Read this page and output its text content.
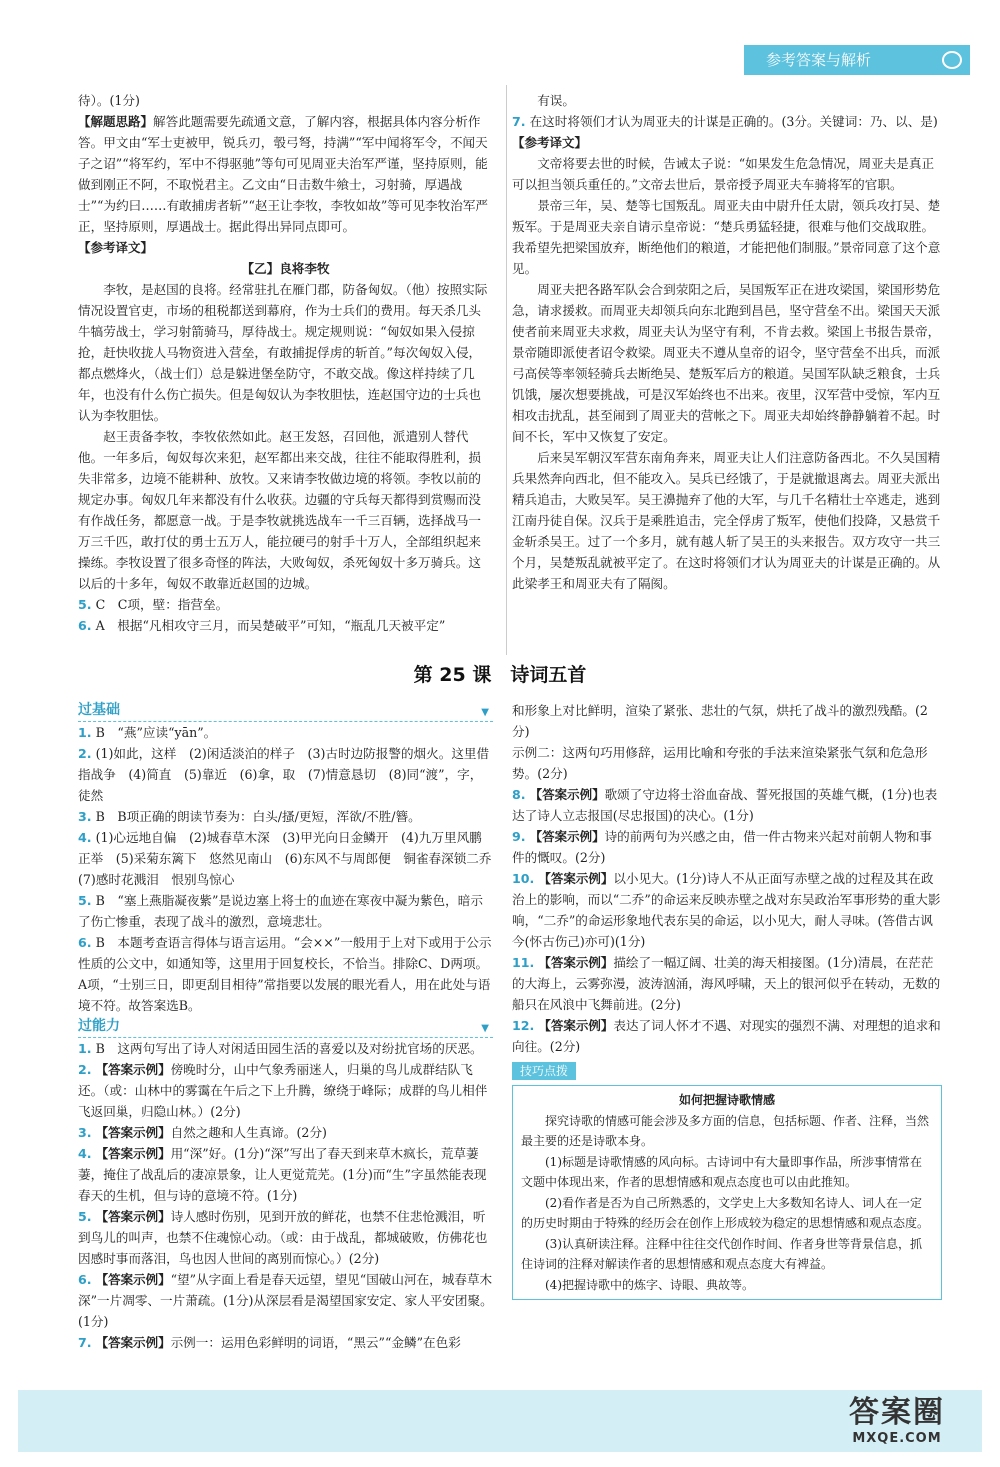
参考答案与解析

待）。(1分)

【解题思路】解答此题需要先疏通文意，了解内容，根据具体内容分析作答。甲文由“军士吏被甲，锐兵刃，彀弓弩，持满”“军中闻将军令，不闻天子之诏”“将军约，军中不得驱驰”等句可见周亚夫治军严谨，坚持原则，能做到刚正不阿，不取悦君主。乙文由“日击数牛飨士，习射骑，厚遇战士”“为约曰……有敢捕虏者斩”“赵王让李牧，李牧如故”等可见李牧治军严正，坚持原则，厚遇战士。据此得出异同点即可。

【参考译文】

【乙】良将李牧

李牧，是赵国的良将。经常驻扎在雁门郡，防备匈奴。（他）按照实际情况设置官吏，市场的租税都送到幕府，作为士兵们的费用。每天杀几头牛犒劳战士，学习射箭骑马，厚待战士。规定规则说：“匈奴如果入侵掠抢，赶快收拢人马物资进入营垒，有敢捕捉俘虏的斩首。”每次匈奴入侵，都点燃烽火，（战士们）总是躲进堡垒防守，不敢交战。像这样持续了几年，也没有什么伤亡损失。但是匈奴认为李牧胆怯，连赵国守边的士兵也认为李牧胆怯。

赵王责备李牧，李牧依然如此。赵王发怒，召回他，派遣别人替代他。一年多后，匈奴每次来犯，赵军都出来交战，往往不能取得胜利，损失非常多，边境不能耕种、放牧。又来请李牧做边境的将领。李牧以前的规定办事。匈奴几年来都没有什么收获。边疆的守兵每天都得到赏赐而没有作战任务，都愿意一战。于是李牧就挑选战车一千三百辆，选择战马一万三千匹，敢打仗的勇士五万人，能拉硬弓的射手十万人，全部组织起来操练。李牧设置了很多奇怪的阵法，大败匈奴，杀死匈奴十多万骑兵。这以后的十多年，匈奴不敢靠近赵国的边城。

5. C　C项，壁：指营垒。

6. A　根据“凡相攻守三月，而吴楚破平”可知，“瓶乱几天被平定”

　　有误。

7. 在这时将领们才认为周亚夫的计谋是正确的。(3分。关键词：乃、以、是)

【参考译文】

文帝将要去世的时候，告诫太子说：“如果发生危急情况，周亚夫是真正可以担当领兵重任的。”文帝去世后，景帝授予周亚夫车骑将军的官职。

景帝三年，吴、楚等七国叛乱。周亚夫由中尉升任太尉，领兵攻打吴、楚叛军。于是周亚夫亲自请示皇帝说：“楚兵勇猛轻捷，很难与他们交战取胜。我希望先把梁国放弃，断绝他们的粮道，才能把他们制服。”景帝同意了这个意见。

周亚夫把各路军队会合到荥阳之后，吴国叛军正在进攻梁国，梁国形势危急，请求援救。而周亚夫却领兵向东北跑到昌邑，坚守营垒不出。梁国天天派使者前来周亚夫求救，周亚夫认为坚守有利，不肯去救。梁国上书报告景帝，景帝随即派使者诏令救梁。周亚夫不遵从皇帝的诏令，坚守营垒不出兵，而派弓高侯等率领轻骑兵去断绝吴、楚叛军后方的粮道。吴国军队缺乏粮食，士兵饥饿，屡次想要挑战，可是汉军始终也不出来。夜里，汉军营中受惊，军内互相攻击扰乱，甚至闹到了周亚夫的营帐之下。周亚夫却始终静静躺着不起。时间不长，军中又恢复了安定。

后来吴军朝汉军营东南角奔来，周亚夫让人们注意防备西北。不久吴国精兵果然奔向西北，但不能攻入。吴兵已经饿了，于是就撤退离去。周亚夫派出精兵追击，大败吴军。吴王濞抛弃了他的大军，与几千名精壮士卒逃走，逃到江南丹徒自保。汉兵于是乘胜追击，完全俘虏了叛军，使他们投降，又悬赏千金斩杀吴王。过了一个多月，就有越人斩了吴王的头来报告。双方攻守一共三个月，吴楚叛乱就被平定了。在这时将领们才认为周亚夫的计谋是正确的。从此梁孝王和周亚夫有了隔阂。

第 25 课　诗词五首

过基础	▼

1. B　“燕”应读“yān”。

2. (1)如此，这样　(2)闲适淡泊的样子　(3)古时边防报警的烟火。这里借指战争　(4)简直　(5)靠近　(6)拿，取　(7)情意恳切　(8)同“渡”，字，徒然

3. B　B项正确的朗读节奏为：白头/搔/更短，浑欲/不胜/簪。

4. (1)心远地自偏　(2)城春草木深　(3)甲光向日金鳞开　(4)九万里风鹏正举　(5)采菊东篱下　悠然见南山　(6)东风不与周郎便　铜雀春深锁二乔　(7)感时花溅泪　恨别鸟惊心

5. B　“塞上燕脂凝夜紫”是说边塞上将士的血迹在寒夜中凝为紫色，暗示了伤亡惨重，表现了战斗的激烈，意境悲壮。

6. B　本题考查语言得体与语言运用。“会××”一般用于上对下或用于公示性质的公文中，如通知等，这里用于回复校长，不恰当。排除C、D两项。A项，“士别三日，即更刮目相待”常指要以发展的眼光看人，用在此处与语境不符。故答案选B。

过能力	▼

1. B　这两句写出了诗人对闲适田园生活的喜爱以及对纷扰官场的厌恶。

2. 【答案示例】傍晚时分，山中气象秀丽迷人，归巢的鸟儿成群结队飞还。（或：山林中的雾霭在午后之下上升腾，缭绕于峰际；成群的鸟儿相伴飞返回巢，归隐山林。）(2分)

3. 【答案示例】自然之趣和人生真谛。(2分)

4. 【答案示例】用“深”好。(1分)“深”写出了春天到来草木疯长，荒草萋萋，掩住了战乱后的凄凉景象，让人更觉荒芜。(1分)而“生”字虽然能表现春天的生机，但与诗的意境不符。(1分)

5. 【答案示例】诗人感时伤别，见到开放的鲜花，也禁不住悲怆溅泪，听到鸟儿的叫声，也禁不住魂惊心动。（或：由于战乱，都城破败，仿佛花也因感时事而落泪，鸟也因人世间的离别而惊心。）(2分)

6. 【答案示例】“望”从字面上看是春天远望，望见“国破山河在，城春草木深”一片凋零、一片萧疏。(1分)从深层看是渴望国家安定、家人平安团聚。(1分)

7. 【答案示例】示例一：运用色彩鲜明的词语，“黑云”“金鳞”在色彩

和形象上对比鲜明，渲染了紧张、悲壮的气氛，烘托了战斗的激烈残酷。(2分)

示例二：这两句巧用修辞，运用比喻和夸张的手法来渲染紧张气氛和危急形势。(2分)

8. 【答案示例】歌颂了守边将士浴血奋战、誓死报国的英雄气概，(1分)也表达了诗人立志报国(尽忠报国)的决心。(1分)

9. 【答案示例】诗的前两句为兴感之由，借一件古物来兴起对前朝人物和事件的慨叹。(2分)

10. 【答案示例】以小见大。(1分)诗人不从正面写赤壁之战的过程及其在政治上的影响，而以“二乔”的命运来反映赤壁之战对东吴政治军事形势的重大影响，“二乔”的命运形象地代表东吴的命运，以小见大，耐人寻味。(答借古讽今(怀古伤己)亦可)(1分)

11. 【答案示例】描绘了一幅辽阔、壮美的海天相接图。(1分)清晨，在茫茫的大海上，云雾弥漫，波涛汹涌，海风呼啸，天上的银河似乎在转动，无数的船只在风浪中飞舞前进。(2分)

12. 【答案示例】表达了词人怀才不遇、对现实的强烈不满、对理想的追求和向往。(2分)

技巧点拨

如何把握诗歌情感

探究诗歌的情感可能会涉及多方面的信息，包括标题、作者、注释，当然最主要的还是诗歌本身。

(1)标题是诗歌情感的风向标。古诗词中有大量即事作品，所涉事情常在文题中体现出来，作者的思想情感和观点态度也可以由此推知。

(2)看作者是否为自己所熟悉的，文学史上大多数知名诗人、词人在一定的历史时期由于特殊的经历会在创作上形成较为稳定的思想情感和观点态度。

(3)认真研读注释。注释中往往交代创作时间、作者身世等背景信息，抓住诗词的注释对解读作者的思想情感和观点态度大有裨益。

(4)把握诗歌中的炼字、诗眼、典故等。

答案圈
MXQE.COM
